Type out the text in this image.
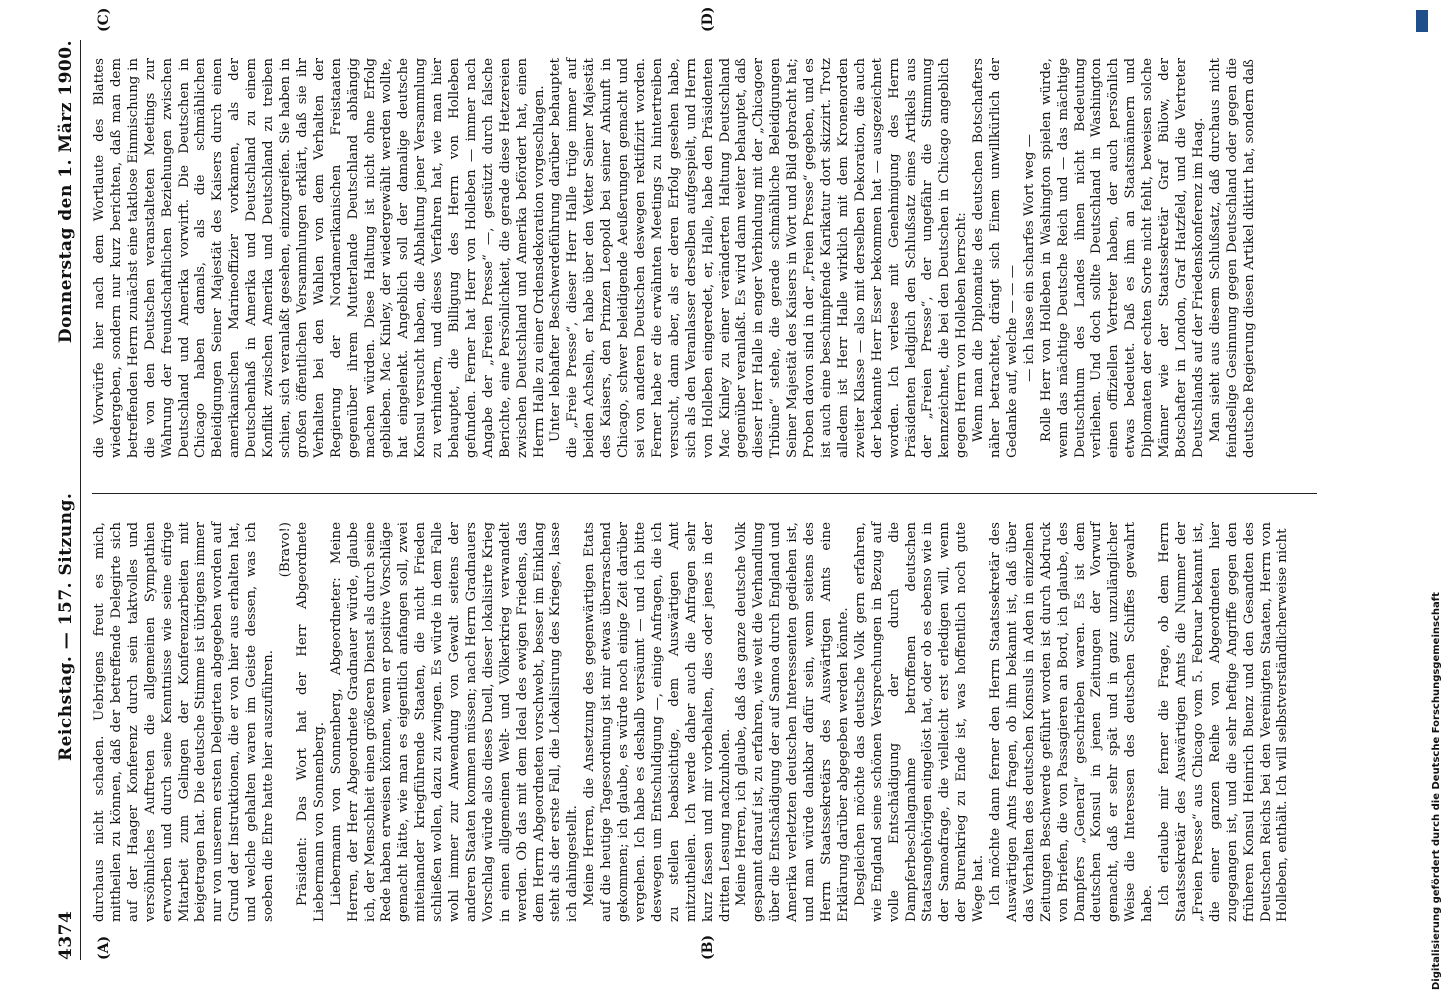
4374
Reichstag. — 157. Sitzung.
Donnerstag den 1. März 1900.
(A)	(B)
(C)	(D)

durchaus nicht schaden. Uebrigens freut es mich, mittheilen zu können, daß der betreffende Delegirte sich auf der Haager Konferenz durch sein taktvolles und versöhnliches Auftreten die allgemeinen Sympathien erworben und durch seine Kenntnisse wie seine eifrige Mitarbeit zum Gelingen der Konferenzarbeiten mit beigetragen hat. Die deutsche Stimme ist übrigens immer nur von unserem ersten Delegirten abgegeben worden auf Grund der Instruktionen, die er von hier aus erhalten hat, und welche gehalten waren im Geiste dessen, was ich soeben die Ehre hatte hier auszuführen.

(Bravo!) Präsident: Das Wort hat der Herr Abgeordnete Liebermann von Sonnenberg. Liebermann von Sonnenberg, Abgeordneter: Meine Herren, der Herr Abgeordnete Gradnauer würde, glaube ich, der Menschheit einen größeren Dienst als durch seine Rede haben erweisen können, wenn er positive Vorschläge gemacht hätte, wie man es eigentlich anfangen soll, zwei miteinander kriegführende Staaten, die nicht Frieden schließen wollen, dazu zu zwingen. Es würde in dem Falle wohl immer zur Anwendung von Gewalt seitens der anderen Staaten kommen müssen; nach Herrn Gradnauers Vorschlag würde also dieses Duell, dieser lokalisirte Krieg in einen allgemeinen Welt- und Völkerkrieg verwandelt werden. Ob das mit dem Ideal des ewigen Friedens, das dem Herrn Abgeordneten vorschwebt, besser im Einklang steht als der erste Fall, die Lokalisirung des Krieges, lasse ich dahingestellt. Meine Herren, die Ansetzung des gegenwärtigen Etats auf die heutige Tagesordnung ist mir etwas überraschend gekommen; ich glaube, es würde noch einige Zeit darüber vergehen. Ich habe es deshalb versäumt — und ich bitte deswegen um Entschuldigung —, einige Anfragen, die ich zu stellen beabsichtige, dem Auswärtigen Amt mitzutheilen. Ich werde daher auch die Anfragen sehr kurz fassen und mir vorbehalten, dies oder jenes in der dritten Lesung nachzuholen. Meine Herren, ich glaube, daß das ganze deutsche Volk gespannt darauf ist, zu erfahren, wie weit die Verhandlung über die Entschädigung der auf Samoa durch England und Amerika verletzten deutschen Interessenten gediehen ist, und man würde dankbar dafür sein, wenn seitens des Herrn Staatssekretärs des Auswärtigen Amts eine Erklärung darüber abgegeben werden könnte. Desgleichen möchte das deutsche Volk gern erfahren, wie England seine schönen Versprechungen in Bezug auf volle Entschädigung der durch die Dampferbeschlagnahme betroffenen deutschen Staatsangehörigen eingelöst hat, oder ob es ebenso wie in der Samoafrage, die vielleicht erst erledigen will, wenn der Burenkrieg zu Ende ist, was hoffentlich noch gute Wege hat. Ich möchte dann ferner den Herrn Staatssekretär des Auswärtigen Amts fragen, ob ihm bekannt ist, daß über das Verhalten des deutschen Konsuls in Aden in einzelnen Zeitungen Beschwerde geführt worden ist durch Abdruck von Briefen, die von Passagieren an Bord, ich glaube, des Dampfers „General“ geschrieben waren. Es ist dem deutschen Konsul in jenen Zeitungen der Vorwurf gemacht, daß er sehr spät und in ganz unzulänglicher Weise die Interessen des deutschen Schiffes gewahrt habe. Ich erlaube mir ferner die Frage, ob dem Herrn Staatssekretär des Auswärtigen Amts die Nummer der „Freien Presse“ aus Chicago vom 5. Februar bekannt ist, die einer ganzen Reihe von Abgeordneten hier zugegangen ist, und die sehr heftige Angriffe gegen den früheren Konsul Heinrich Buenz und den Gesandten des Deutschen Reichs bei den Vereinigten Staaten, Herrn von Holleben, enthält. Ich will selbstverständlicherweise nicht

die Vorwürfe hier nach dem Wortlaute des Blattes wiedergeben, sondern nur kurz berichten, daß man dem betreffenden Herrn zunächst eine taktlose Einmischung in die von den Deutschen veranstalteten Meetings zur Wahrung der freundschaftlichen Beziehungen zwischen Deutschland und Amerika vorwirft. Die Deutschen in Chicago haben damals, als die schmählichen Beleidigungen Seiner Majestät des Kaisers durch einen amerikanischen Marineoffizier vorkamen, als der Deutschenhaß in Amerika und Deutschland zu einem Konflikt zwischen Amerika und Deutschland zu treiben schien, sich veranlaßt gesehen, einzugreifen. Sie haben in großen öffentlichen Versammlungen erklärt, daß sie ihr Verhalten bei den Wahlen von dem Verhalten der Regierung der Nordamerikanischen Freistaaten gegenüber ihrem Mutterlande Deutschland abhängig machen würden. Diese Haltung ist nicht ohne Erfolg geblieben. Mac Kinley, der wiedergewählt werden wollte, hat eingelenkt. Angeblich soll der damalige deutsche Konsul versucht haben, die Abhaltung jener Versammlung zu verhindern, und dieses Verfahren hat, wie man hier behauptet, die Billigung des Herrn von Holleben gefunden. Ferner hat Herr von Holleben — immer nach Angabe der „Freien Presse“ —, gestützt durch falsche Berichte, eine Persönlichkeit, die gerade diese Hetzereien zwischen Deutschland und Amerika befördert hat, einen Herrn Halle zu einer Ordensdekoration vorgeschlagen. Unter lebhafter Beschwerdeführung darüber behauptet die „Freie Presse“, dieser Herr Halle trüge immer auf beiden Achseln, er habe über den Vetter Seiner Majestät des Kaisers, den Prinzen Leopold bei seiner Ankunft in Chicago, schwer beleidigende Aeußerungen gemacht und sei von anderen Deutschen deswegen rektifizirt worden. Ferner habe er die erwähnten Meetings zu hintertreiben versucht, dann aber, als er deren Erfolg gesehen habe, sich als den Veranlasser derselben aufgespielt, und Herrn von Holleben eingeredet, er, Halle, habe den Präsidenten Mac Kinley zu einer veränderten Haltung Deutschland gegenüber veranlaßt. Es wird dann weiter behauptet, daß dieser Herr Halle in enger Verbindung mit der „Chicagoer Tribüne“ stehe, die gerade schmähliche Beleidigungen Seiner Majestät des Kaisers in Wort und Bild gebracht hat; Proben davon sind in der „Freien Presse“ gegeben, und es ist auch eine beschimpfende Karikatur dort skizzirt. Trotz alledem ist Herr Halle wirklich mit dem Kronenorden zweiter Klasse — also mit derselben Dekoration, die auch der bekannte Herr Esser bekommen hat — ausgezeichnet worden. Ich verlese mit Genehmigung des Herrn Präsidenten lediglich den Schlußsatz eines Artikels aus der „Freien Presse“, der ungefähr die Stimmung kennzeichnet, die bei den Deutschen in Chicago angeblich gegen Herrn von Holleben herrscht: Wenn man die Diplomatie des deutschen Botschafters näher betrachtet, drängt sich Einem unwillkürlich der Gedanke auf, welche — — — — ich lasse ein scharfes Wort weg — Rolle Herr von Holleben in Washington spielen würde, wenn das mächtige Deutsche Reich und — das mächtige Deutschthum des Landes ihnen nicht Bedeutung verliehen. Und doch sollte Deutschland in Washington einen offiziellen Vertreter haben, der auch persönlich etwas bedeutet. Daß es ihm an Staatsmännern und Diplomaten der echten Sorte nicht fehlt, beweisen solche Männer wie der Staatssekretär Graf Bülow, der Botschafter in London, Graf Hatzfeld, und die Vertreter Deutschlands auf der Friedenskonferenz im Haag. Man sieht aus diesem Schlußsatz, daß durchaus nicht feindselige Gesinnung gegen Deutschland oder gegen die deutsche Regierung diesen Artikel diktirt hat, sondern daß

Digitalisierung gefördert durch die Deutsche Forschungsgemeinschaft
